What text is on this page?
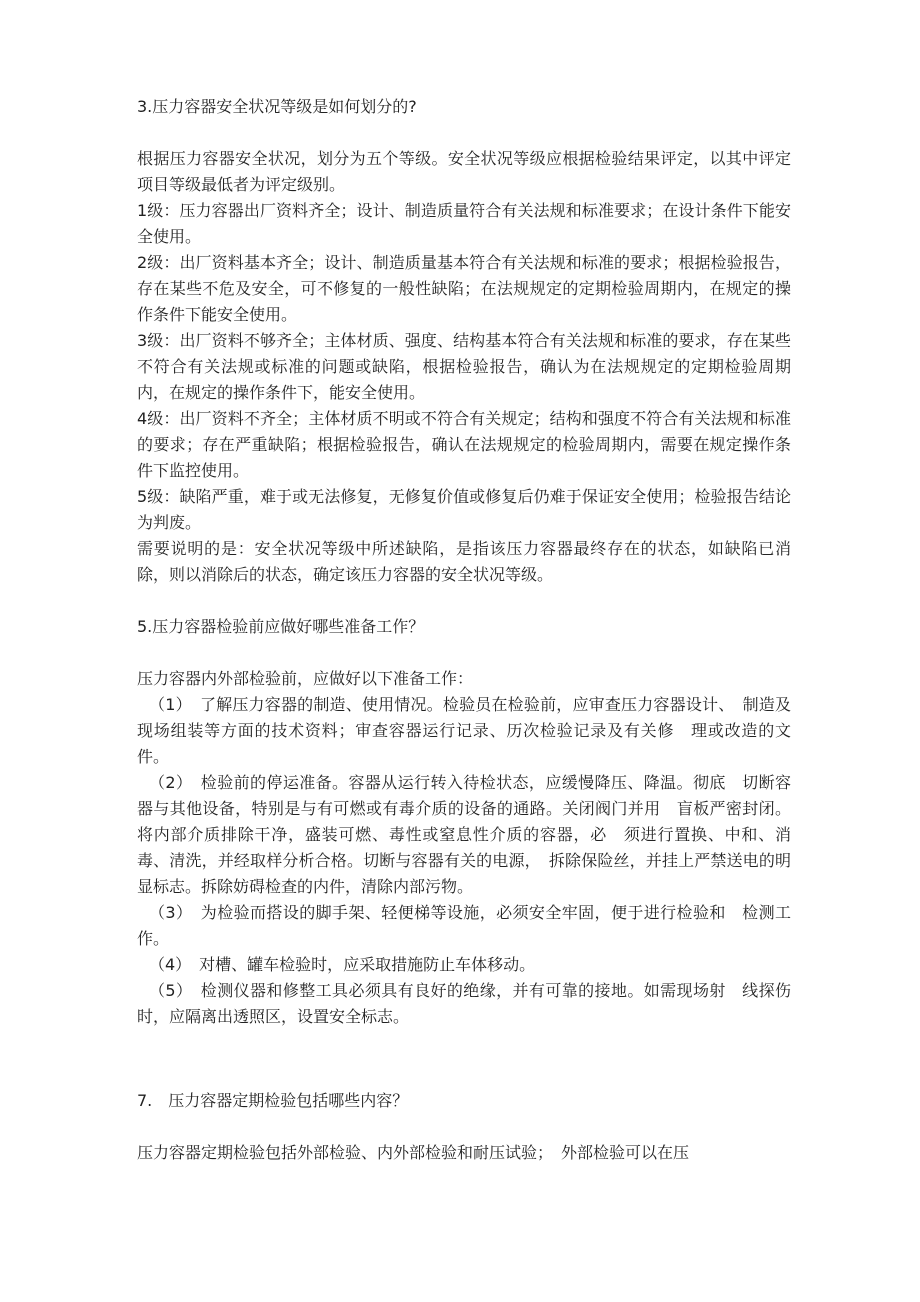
3.压力容器安全状况等级是如何划分的?

根据压力容器安全状况，划分为五个等级。安全状况等级应根据检验结果评定，以其中评定项目等级最低者为评定级别。

1级：压力容器出厂资料齐全；设计、制造质量符合有关法规和标准要求；在设计条件下能安全使用。

2级：出厂资料基本齐全；设计、制造质量基本符合有关法规和标准的要求；根据检验报告，存在某些不危及安全，可不修复的一般性缺陷；在法规规定的定期检验周期内，在规定的操作条件下能安全使用。

3级：出厂资料不够齐全；主体材质、强度、结构基本符合有关法规和标准的要求，存在某些不符合有关法规或标准的问题或缺陷，根据检验报告，确认为在法规规定的定期检验周期内，在规定的操作条件下，能安全使用。

4级：出厂资料不齐全；主体材质不明或不符合有关规定；结构和强度不符合有关法规和标准的要求；存在严重缺陷；根据检验报告，确认在法规规定的检验周期内，需要在规定操作条件下监控使用。

5级：缺陷严重，难于或无法修复，无修复价值或修复后仍难于保证安全使用；检验报告结论为判废。

需要说明的是：安全状况等级中所述缺陷，是指该压力容器最终存在的状态，如缺陷已消除，则以消除后的状态，确定该压力容器的安全状况等级。

5.压力容器检验前应做好哪些准备工作？

压力容器内外部检验前，应做好以下准备工作：

（1）　了解压力容器的制造、使用情况。检验员在检验前，应审查压力容器设计、　制造及现场组装等方面的技术资料；审查容器运行记录、历次检验记录及有关修　理或改造的文件。

（2）　检验前的停运准备。容器从运行转入待检状态，应缓慢降压、降温。彻底　切断容器与其他设备，特别是与有可燃或有毒介质的设备的通路。关闭阀门并用　盲板严密封闭。将内部介质排除干净，盛装可燃、毒性或窒息性介质的容器，必　须进行置换、中和、消毒、清洗，并经取样分析合格。切断与容器有关的电源，　拆除保险丝，并挂上严禁送电的明显标志。拆除妨碍检查的内件，清除内部污物。

（3）　为检验而搭设的脚手架、轻便梯等设施，必须安全牢固，便于进行检验和　检测工作。

（4）　对槽、罐车检验时，应采取措施防止车体移动。

（5）　检测仪器和修整工具必须具有良好的绝缘，并有可靠的接地。如需现场射　线探伤时，应隔离出透照区，设置安全标志。

7.　压力容器定期检验包括哪些内容？

压力容器定期检验包括外部检验、内外部检验和耐压试验；　外部检验可以在压
